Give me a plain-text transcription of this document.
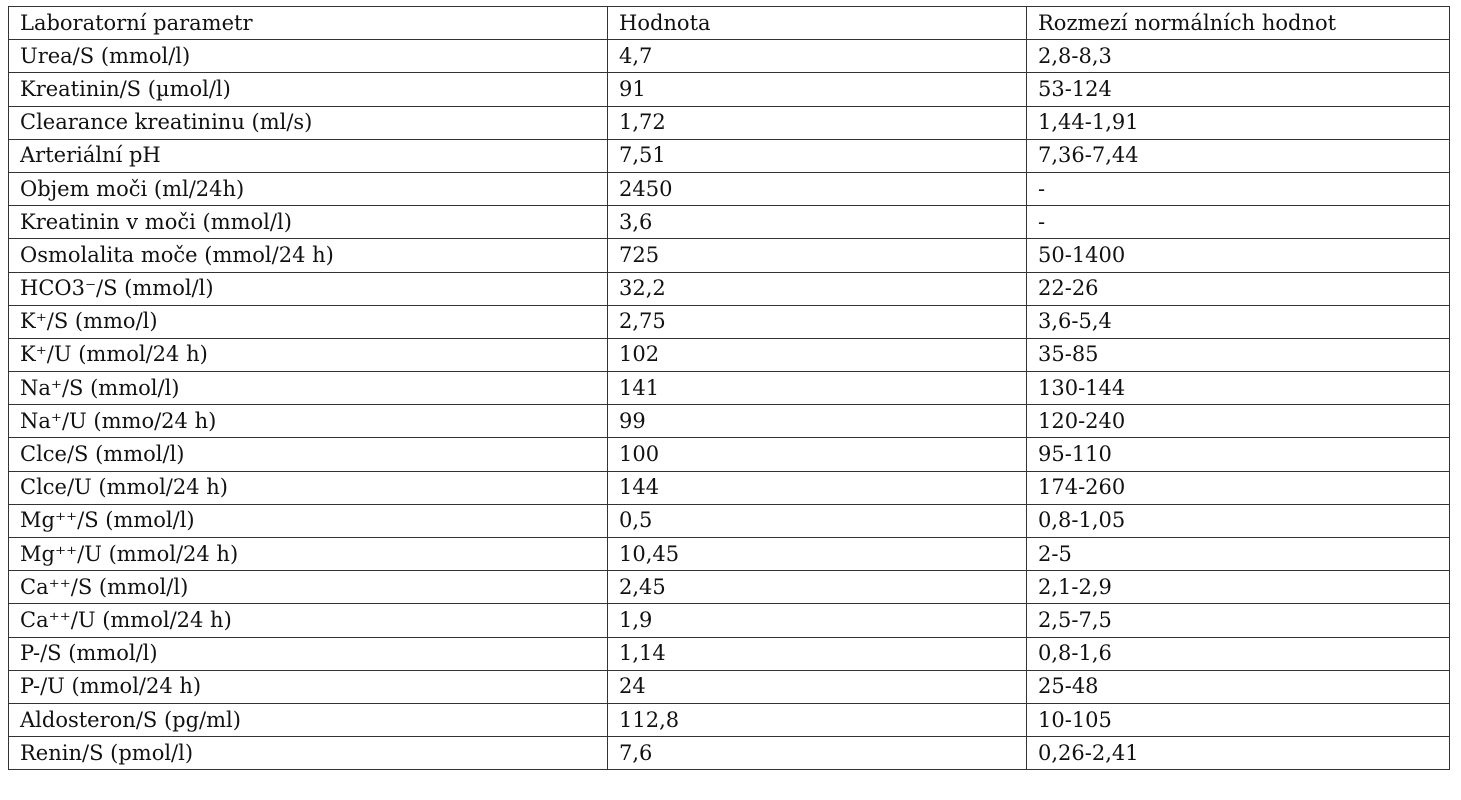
Laboratorní parametr	Hodnota	Rozmezí normálních hodnot
Urea/S (mmol/l)	4,7	2,8-8,3
Kreatinin/S (µmol/l)	91	53-124
Clearance kreatininu (ml/s)	1,72	1,44-1,91
Arteriální pH	7,51	7,36-7,44
Objem moči (ml/24h)	2450	-
Kreatinin v moči (mmol/l)	3,6	-
Osmolalita moče (mmol/24 h)	725	50-1400
HCO3⁻/S (mmol/l)	32,2	22-26
K⁺/S (mmo/l)	2,75	3,6-5,4
K⁺/U (mmol/24 h)	102	35-85
Na⁺/S (mmol/l)	141	130-144
Na⁺/U (mmo/24 h)	99	120-240
Clce/S (mmol/l)	100	95-110
Clce/U (mmol/24 h)	144	174-260
Mg⁺⁺/S (mmol/l)	0,5	0,8-1,05
Mg⁺⁺/U (mmol/24 h)	10,45	2-5
Ca⁺⁺/S (mmol/l)	2,45	2,1-2,9
Ca⁺⁺/U (mmol/24 h)	1,9	2,5-7,5
P-/S (mmol/l)	1,14	0,8-1,6
P-/U (mmol/24 h)	24	25-48
Aldosteron/S (pg/ml)	112,8	10-105
Renin/S (pmol/l)	7,6	0,26-2,41
